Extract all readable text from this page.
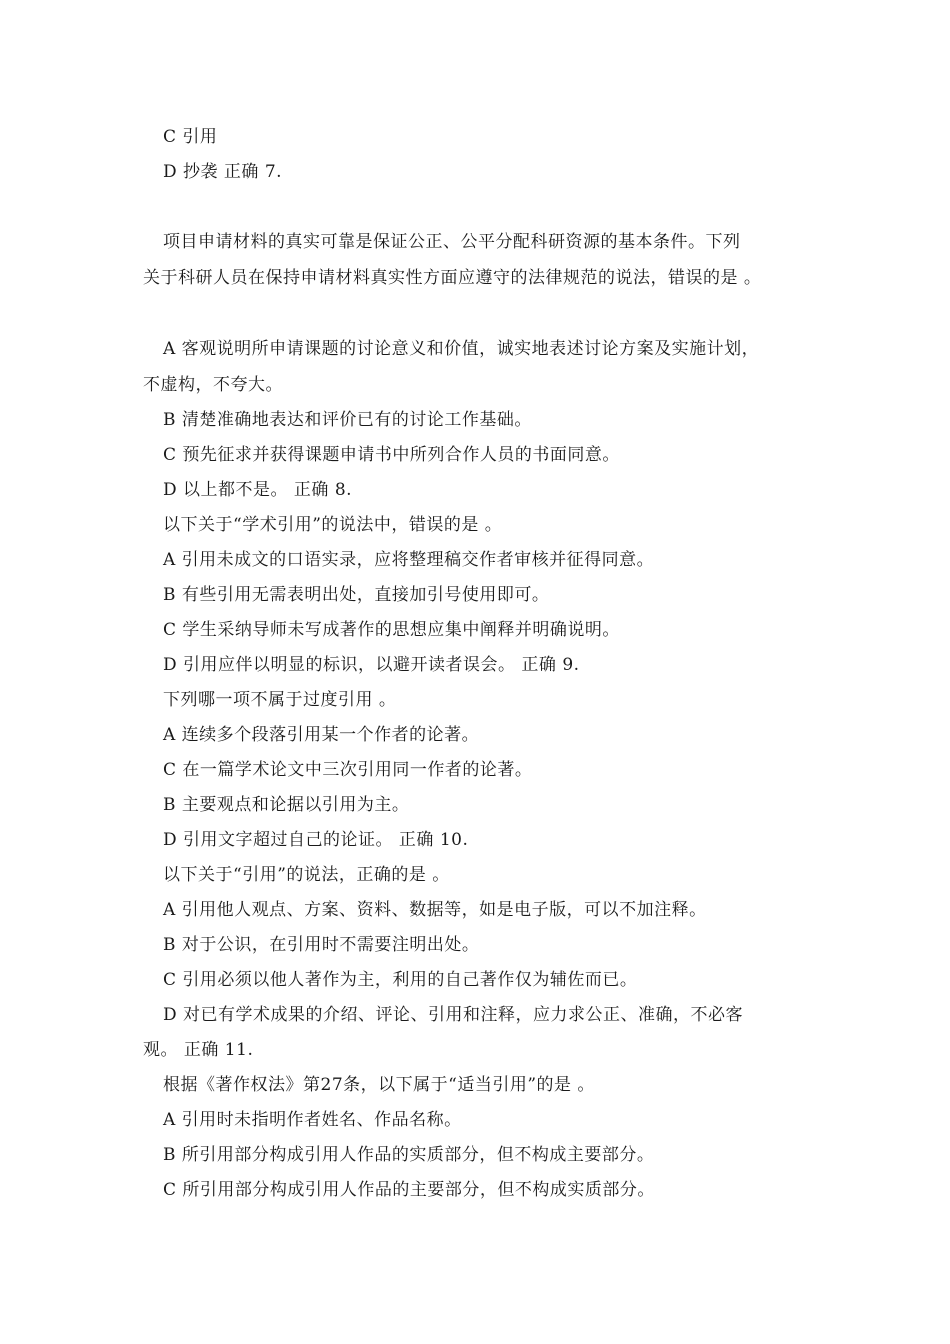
C 引用
D 抄袭 正确 7.
项目申请材料的真实可靠是保证公正、公平分配科研资源的基本条件。下列
关于科研人员在保持申请材料真实性方面应遵守的法律规范的说法，错误的是 。
A 客观说明所申请课题的讨论意义和价值，诚实地表述讨论方案及实施计划，
不虚构，不夸大。
B 清楚准确地表达和评价已有的讨论工作基础。
C 预先征求并获得课题申请书中所列合作人员的书面同意。
D 以上都不是。 正确 8.
以下关于“学术引用”的说法中，错误的是 。
A 引用未成文的口语实录，应将整理稿交作者审核并征得同意。
B 有些引用无需表明出处，直接加引号使用即可。
C 学生采纳导师未写成著作的思想应集中阐释并明确说明。
D 引用应伴以明显的标识，以避开读者误会。 正确 9.
下列哪一项不属于过度引用 。
A 连续多个段落引用某一个作者的论著。
C 在一篇学术论文中三次引用同一作者的论著。
B 主要观点和论据以引用为主。
D 引用文字超过自己的论证。 正确 10.
以下关于“引用”的说法，正确的是 。
A 引用他人观点、方案、资料、数据等，如是电子版，可以不加注释。
B 对于公识，在引用时不需要注明出处。
C 引用必须以他人著作为主，利用的自己著作仅为辅佐而已。
D 对已有学术成果的介绍、评论、引用和注释，应力求公正、准确，不必客
观。 正确 11.
根据《著作权法》第27条，以下属于“适当引用”的是 。
A 引用时未指明作者姓名、作品名称。
B 所引用部分构成引用人作品的实质部分，但不构成主要部分。
C 所引用部分构成引用人作品的主要部分，但不构成实质部分。
